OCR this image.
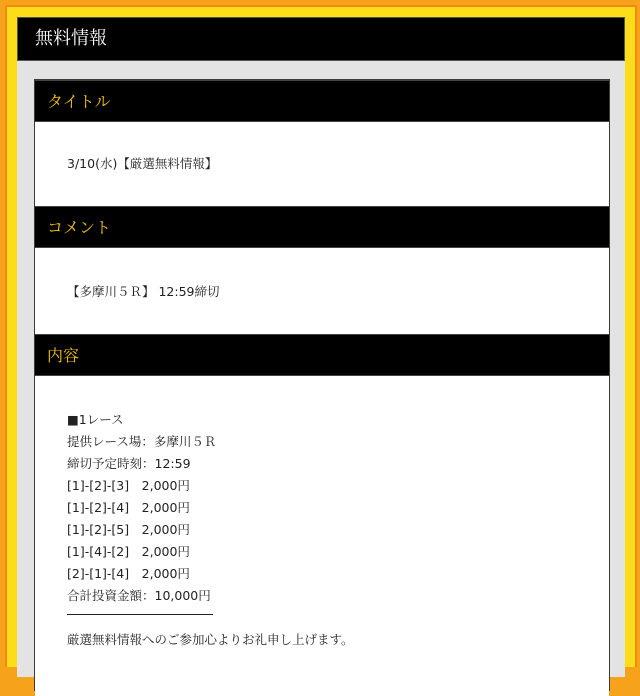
無料情報
タイトル
3/10(水)【厳選無料情報】
コメント
【多摩川５Ｒ】 12:59締切
内容
■1レース
提供レース場：多摩川５Ｒ
締切予定時刻：12:59
[1]-[2]-[3]　2,000円
[1]-[2]-[4]　2,000円
[1]-[2]-[5]　2,000円
[1]-[4]-[2]　2,000円
[2]-[1]-[4]　2,000円
合計投資金額：10,000円
厳選無料情報へのご参加心よりお礼申し上げます。
